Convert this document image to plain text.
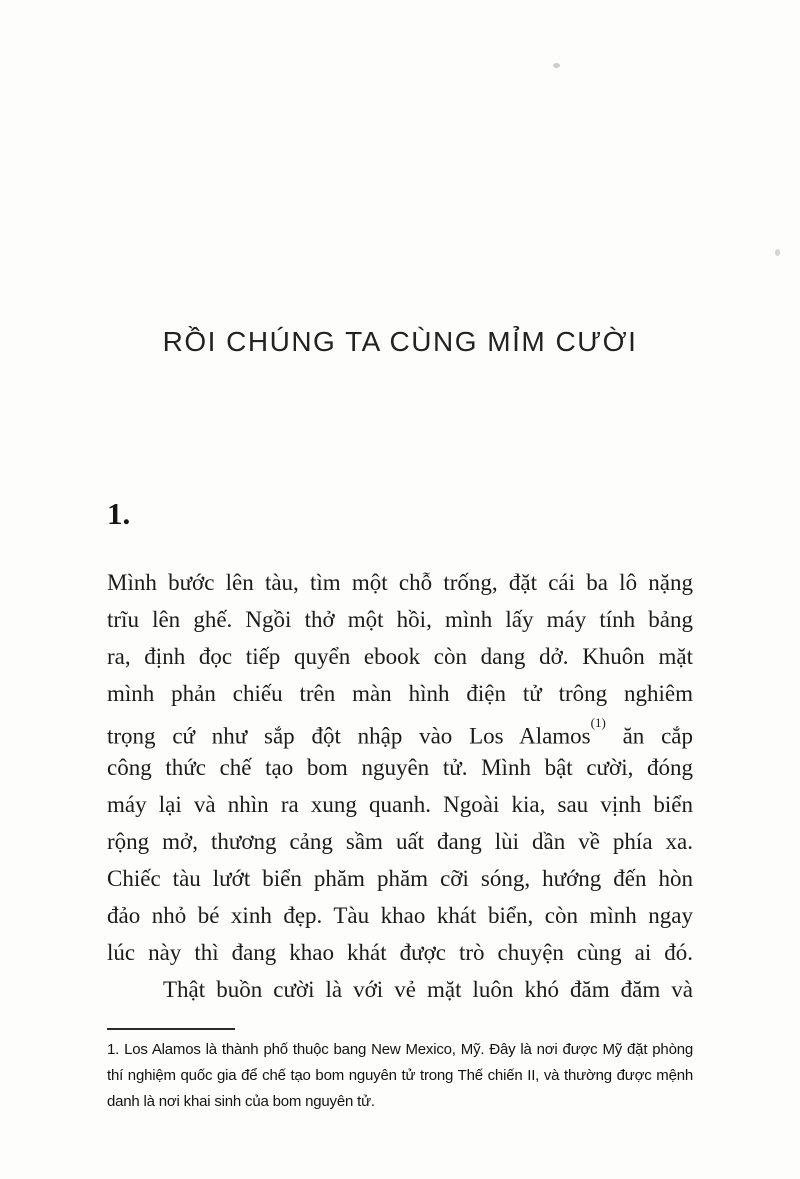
RỒI CHÚNG TA CÙNG MỈM CƯỜI
1.
Mình bước lên tàu, tìm một chỗ trống, đặt cái ba lô nặng
trĩu lên ghế. Ngồi thở một hồi, mình lấy máy tính bảng
ra, định đọc tiếp quyển ebook còn dang dở. Khuôn mặt
mình phản chiếu trên màn hình điện tử trông nghiêm
trọng cứ như sắp đột nhập vào Los Alamos$^{(1)}$ ăn cắp
công thức chế tạo bom nguyên tử. Mình bật cười, đóng
máy lại và nhìn ra xung quanh. Ngoài kia, sau vịnh biển
rộng mở, thương cảng sầm uất đang lùi dần về phía xa.
Chiếc tàu lướt biển phăm phăm cỡi sóng, hướng đến hòn
đảo nhỏ bé xinh đẹp. Tàu khao khát biển, còn mình ngay
lúc này thì đang khao khát được trò chuyện cùng ai đó.
Thật buồn cười là với vẻ mặt luôn khó đăm đăm và
1. Los Alamos là thành phố thuộc bang New Mexico, Mỹ. Đây là nơi được Mỹ đặt phòng
thí nghiệm quốc gia để chế tạo bom nguyên tử trong Thế chiến II, và thường được mệnh
danh là nơi khai sinh của bom nguyên tử.
